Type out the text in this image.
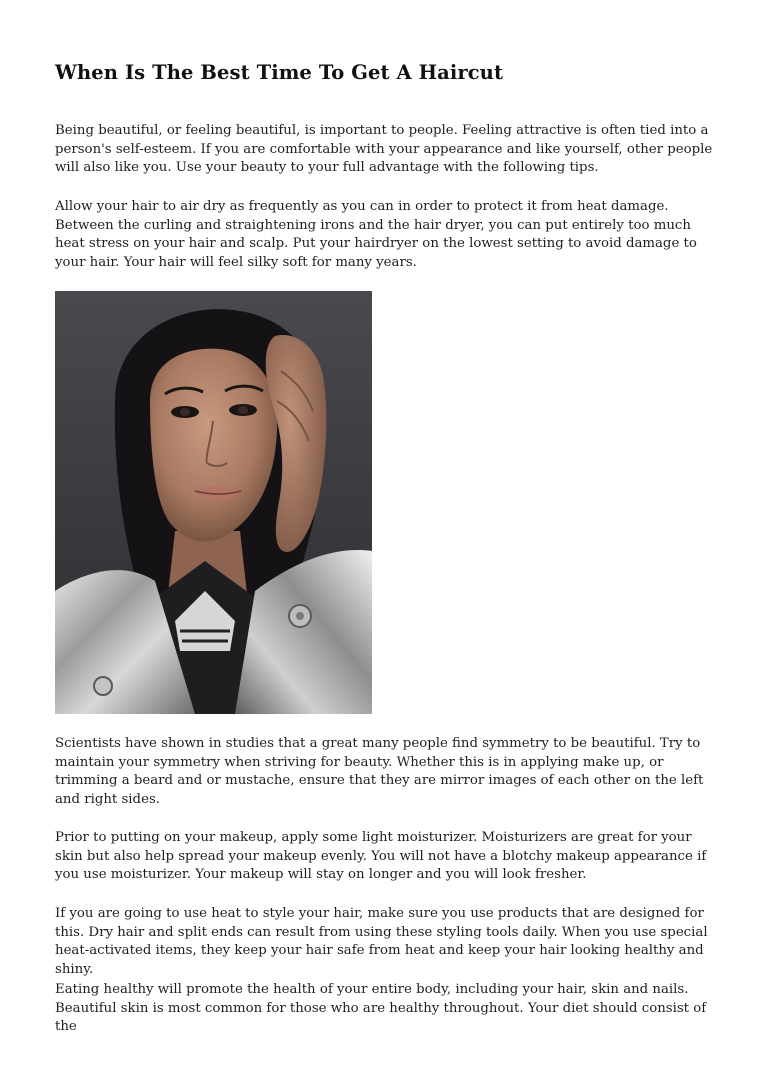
When Is The Best Time To Get A Haircut

Being beautiful, or feeling beautiful, is important to people. Feeling attractive is often tied into a person's self-esteem. If you are comfortable with your appearance and like yourself, other people will also like you. Use your beauty to your full advantage with the following tips.

Allow your hair to air dry as frequently as you can in order to protect it from heat damage. Between the curling and straightening irons and the hair dryer, you can put entirely too much heat stress on your hair and scalp. Put your hairdryer on the lowest setting to avoid damage to your hair. Your hair will feel silky soft for many years.

Scientists have shown in studies that a great many people find symmetry to be beautiful. Try to maintain your symmetry when striving for beauty. Whether this is in applying make up, or trimming a beard and or mustache, ensure that they are mirror images of each other on the left and right sides.

Prior to putting on your makeup, apply some light moisturizer. Moisturizers are great for your skin but also help spread your makeup evenly. You will not have a blotchy makeup appearance if you use moisturizer. Your makeup will stay on longer and you will look fresher.

If you are going to use heat to style your hair, make sure you use products that are designed for this. Dry hair and split ends can result from using these styling tools daily. When you use special heat-activated items, they keep your hair safe from heat and keep your hair looking healthy and shiny.

Eating healthy will promote the health of your entire body, including your hair, skin and nails. Beautiful skin is most common for those who are healthy throughout. Your diet should consist of the
